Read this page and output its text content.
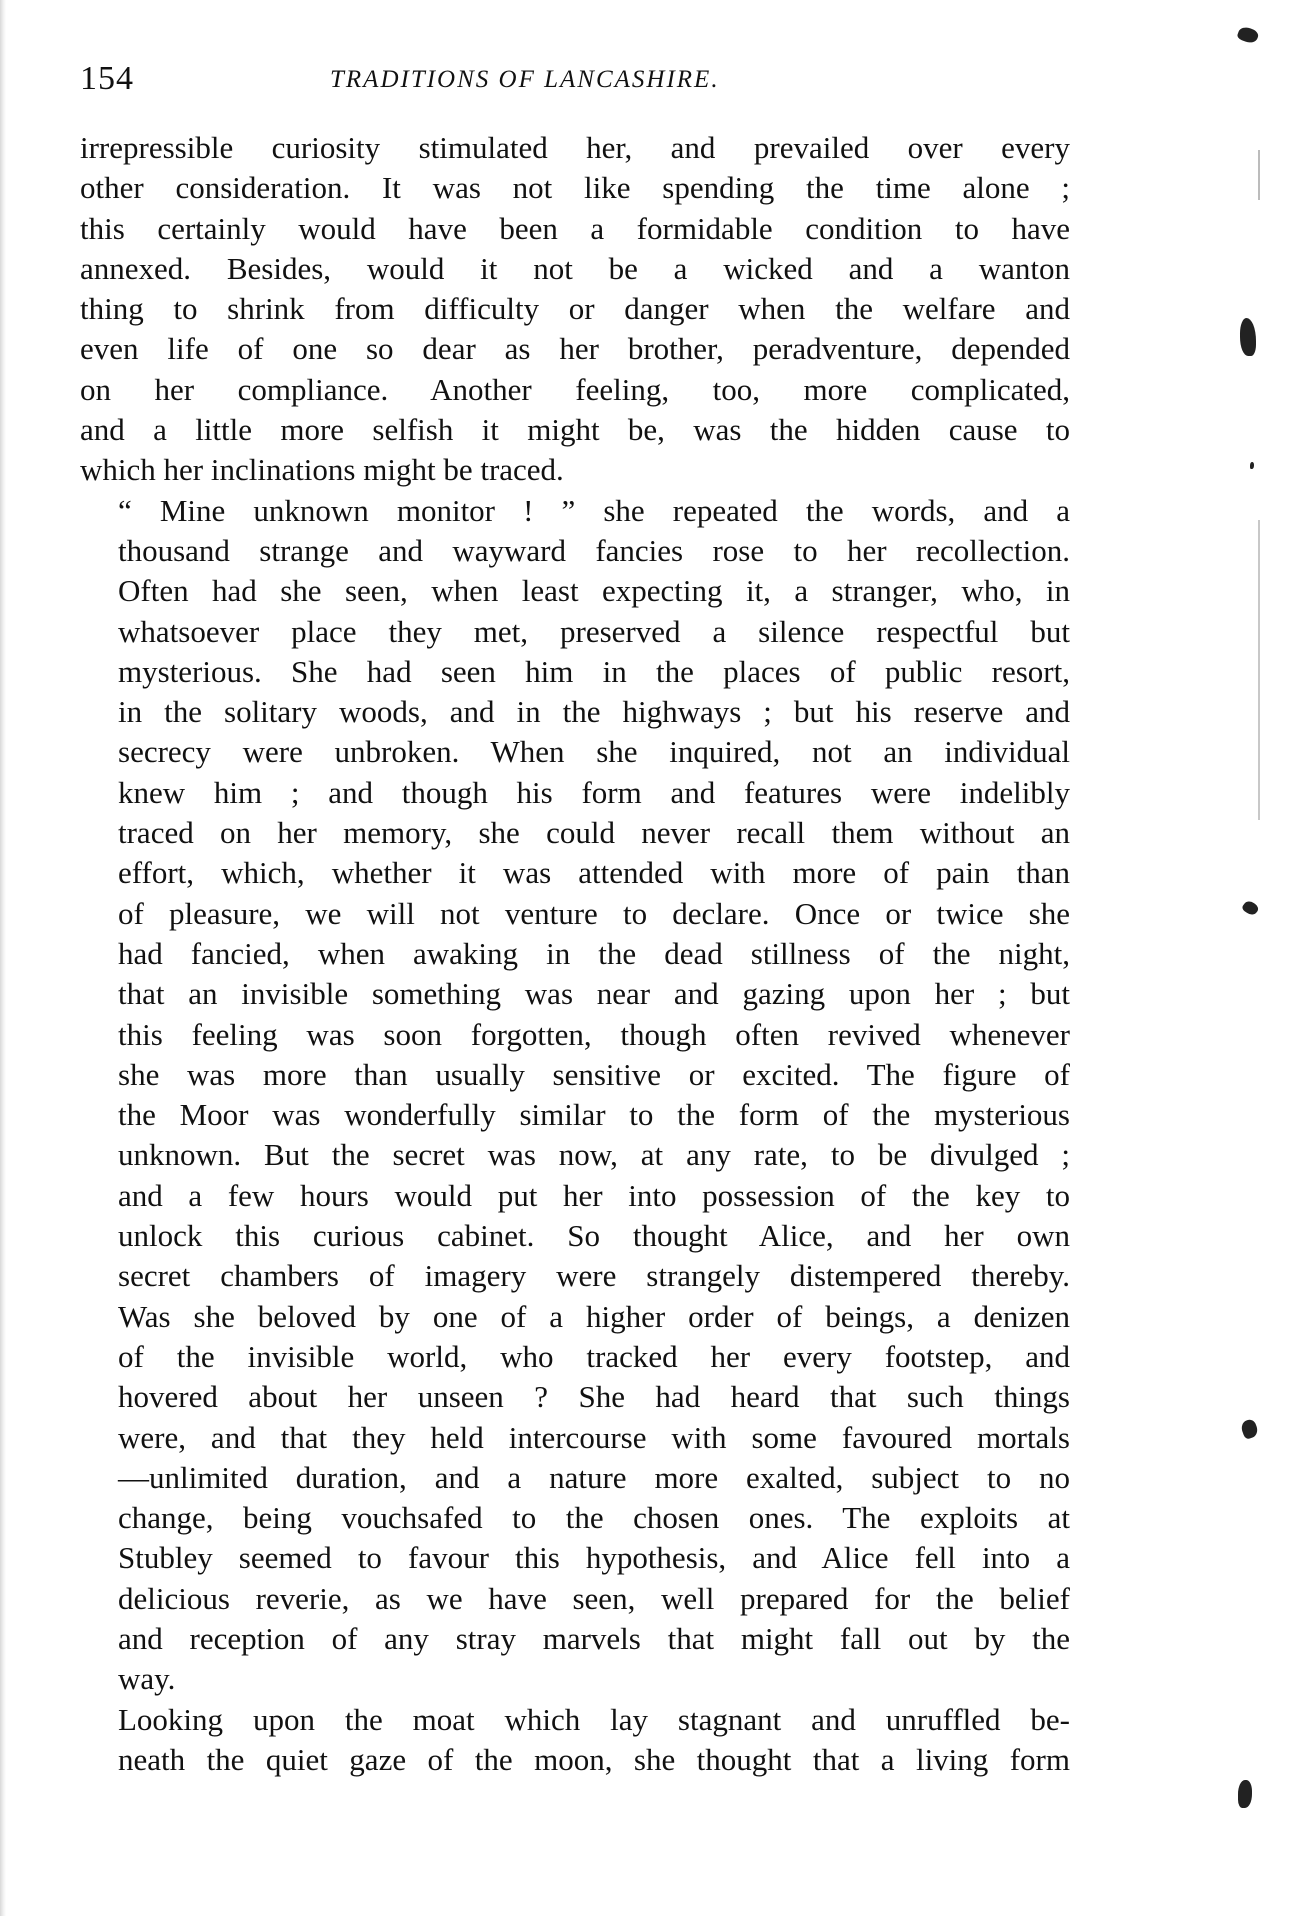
154	TRADITIONS OF LANCASHIRE.

irrepressible curiosity stimulated her, and prevailed over every
other consideration. It was not like spending the time alone ;
this certainly would have been a formidable condition to have
annexed. Besides, would it not be a wicked and a wanton
thing to shrink from difficulty or danger when the welfare and
even life of one so dear as her brother, peradventure, depended
on her compliance. Another feeling, too, more complicated,
and a little more selfish it might be, was the hidden cause to
which her inclinations might be traced.

“ Mine unknown monitor ! ” she repeated the words, and a
thousand strange and wayward fancies rose to her recollection.
Often had she seen, when least expecting it, a stranger, who, in
whatsoever place they met, preserved a silence respectful but
mysterious. She had seen him in the places of public resort,
in the solitary woods, and in the highways ; but his reserve and
secrecy were unbroken. When she inquired, not an individual
knew him ; and though his form and features were indelibly
traced on her memory, she could never recall them without an
effort, which, whether it was attended with more of pain than
of pleasure, we will not venture to declare. Once or twice she
had fancied, when awaking in the dead stillness of the night,
that an invisible something was near and gazing upon her ; but
this feeling was soon forgotten, though often revived whenever
she was more than usually sensitive or excited. The figure of
the Moor was wonderfully similar to the form of the mysterious
unknown. But the secret was now, at any rate, to be divulged ;
and a few hours would put her into possession of the key to
unlock this curious cabinet. So thought Alice, and her own
secret chambers of imagery were strangely distempered thereby.
Was she beloved by one of a higher order of beings, a denizen
of the invisible world, who tracked her every footstep, and
hovered about her unseen ? She had heard that such things
were, and that they held intercourse with some favoured mortals
—unlimited duration, and a nature more exalted, subject to no
change, being vouchsafed to the chosen ones. The exploits at
Stubley seemed to favour this hypothesis, and Alice fell into a
delicious reverie, as we have seen, well prepared for the belief
and reception of any stray marvels that might fall out by the
way.

Looking upon the moat which lay stagnant and unruffled be-
neath the quiet gaze of the moon, she thought that a living form
